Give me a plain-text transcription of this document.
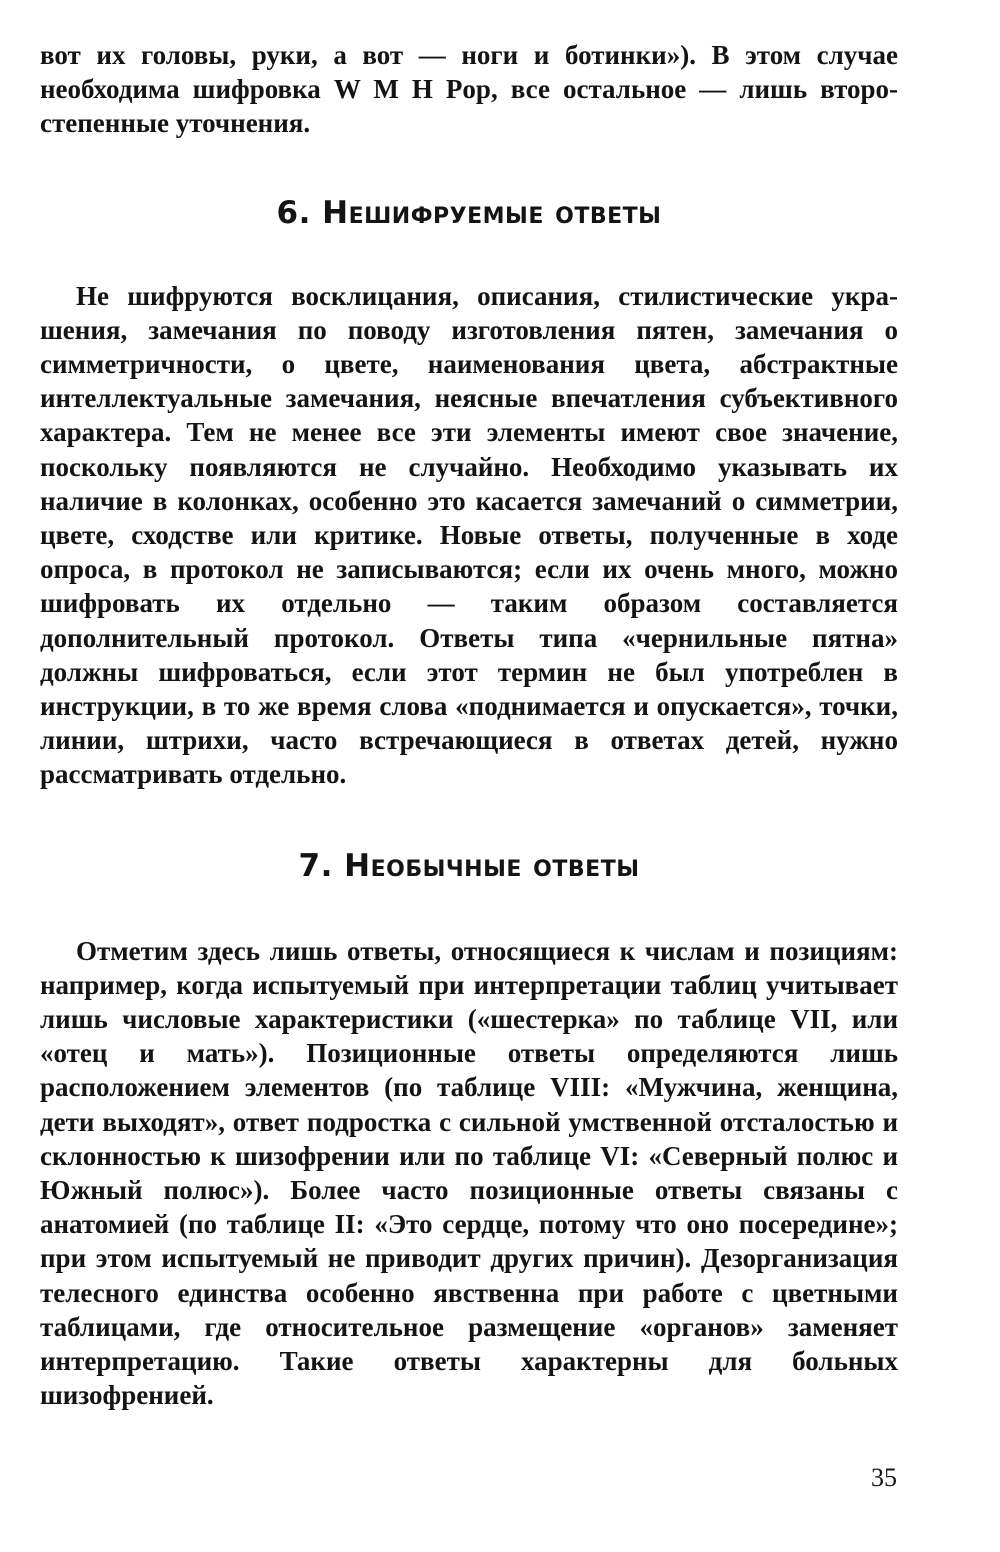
вот их головы, руки, а вот — ноги и ботинки»). В этом случае необходима шифровка W M H Pop, все остальное — лишь второстепенные уточнения.

6. Нешифруемые ответы

Не шифруются восклицания, описания, стилистические украшения, замечания по поводу изготовления пятен, замечания о симметричности, о цвете, наименования цвета, абстрактные интеллектуальные замечания, неясные впечатления субъективного характера. Тем не менее все эти элементы имеют свое значение, поскольку появляются не случайно. Необходимо указывать их наличие в колонках, особенно это касается замечаний о симметрии, цвете, сходстве или критике. Новые ответы, полученные в ходе опроса, в протокол не записываются; если их очень много, можно шифровать их отдельно — таким образом составляется дополнительный протокол. Ответы типа «чернильные пятна» должны шифроваться, если этот термин не был употреблен в инструкции, в то же время слова «поднимается и опускается», точки, линии, штрихи, часто встречающиеся в ответах детей, нужно рассматривать отдельно.

7. Необычные ответы

Отметим здесь лишь ответы, относящиеся к числам и позициям: например, когда испытуемый при интерпретации таблиц учитывает лишь числовые характеристики («шестерка» по таблице VII, или «отец и мать»). Позиционные ответы определяются лишь расположением элементов (по таблице VIII: «Мужчина, женщина, дети выходят», ответ подростка с сильной умственной отсталостью и склонностью к шизофрении или по таблице VI: «Северный полюс и Южный полюс»). Более часто позиционные ответы связаны с анатомией (по таблице II: «Это сердце, потому что оно посередине»; при этом испытуемый не приводит других причин). Дезорганизация телесного единства особенно явственна при работе с цветными таблицами, где относительное размещение «органов» заменяет интерпретацию. Такие ответы характерны для больных шизофренией.

35
